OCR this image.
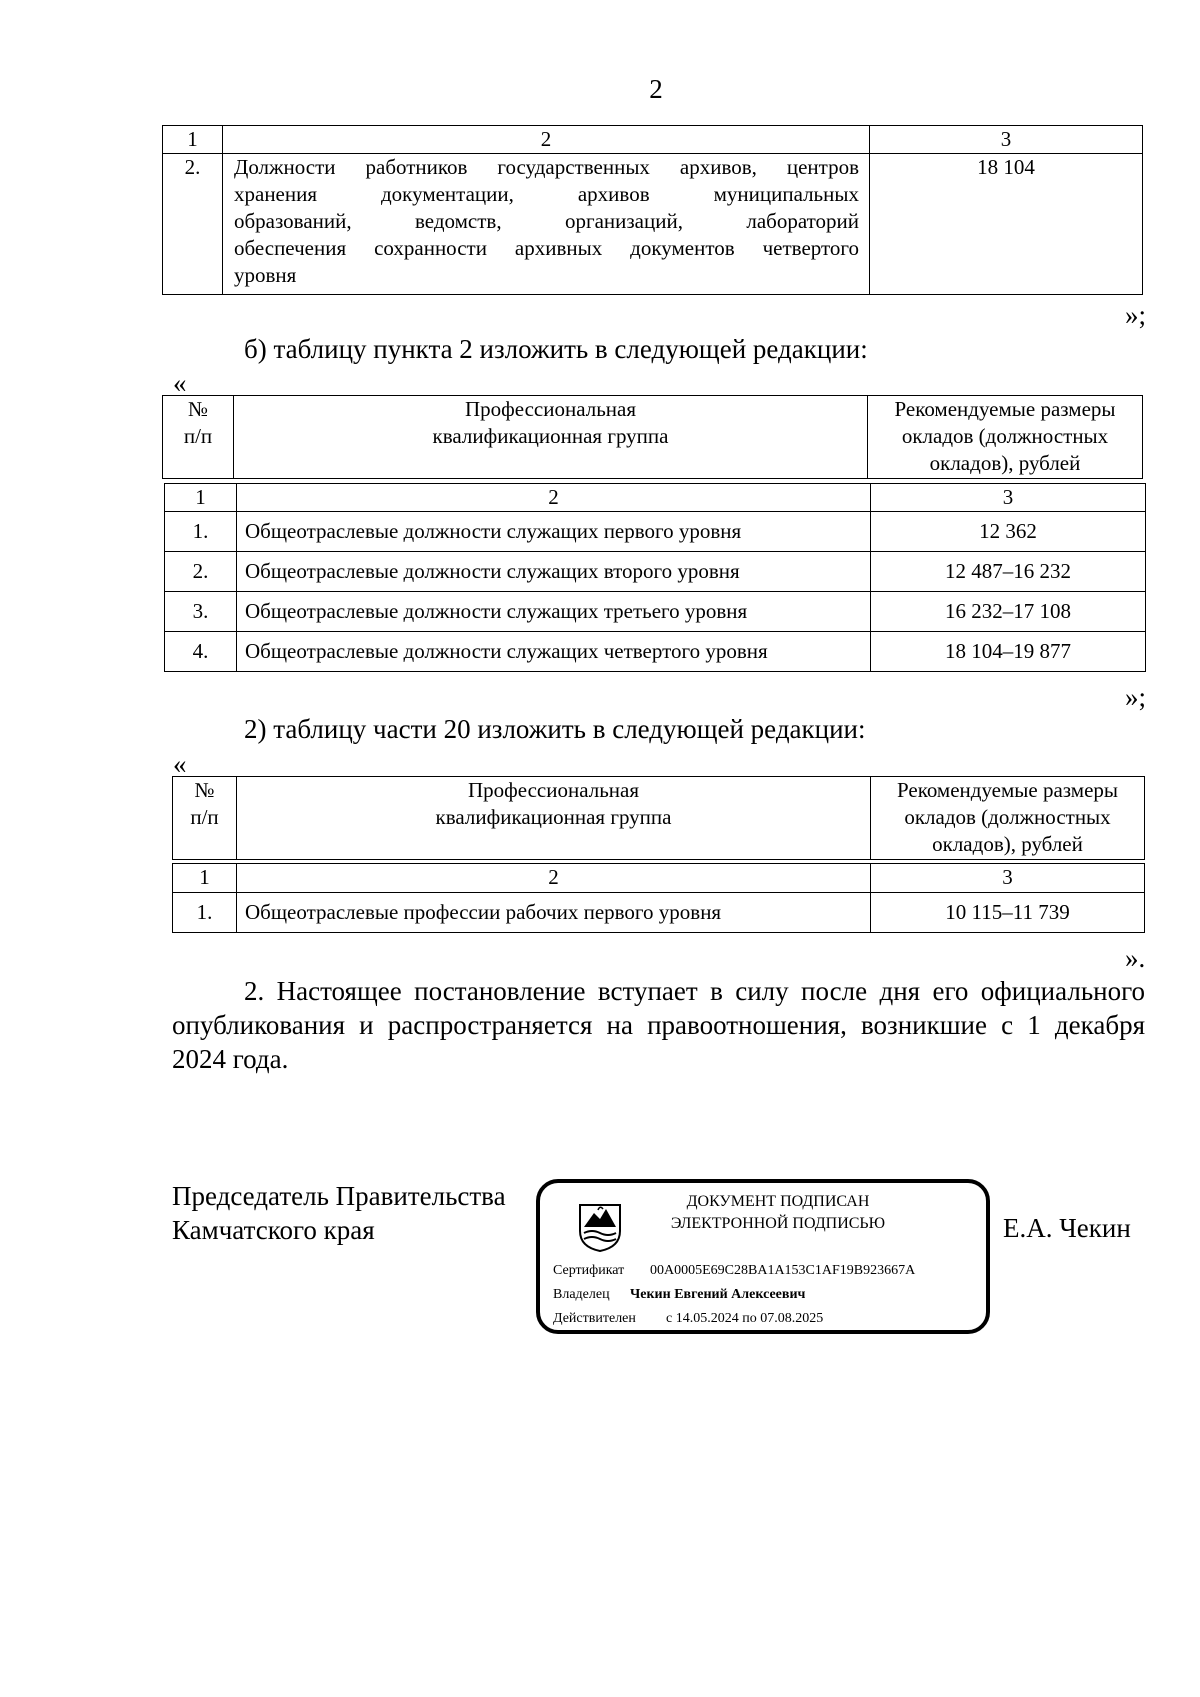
2
1	2	3
2.	Должности работников государственных архивов, центров
хранения документации, архивов муниципальных
образований, ведомств, организаций, лабораторий
обеспечения сохранности архивных документов четвертого
уровня	18 104
»;
б) таблицу пункта 2 изложить в следующей редакции:
«
№
п/п

Профессиональная
квалификационная группа

Рекомендуемые размеры
окладов (должностных
окладов), рублей
1	2	3
1.	Общеотраслевые должности служащих первого уровня	12 362
2.	Общеотраслевые должности служащих второго уровня	12 487–16 232
3.	Общеотраслевые должности служащих третьего уровня	16 232–17 108
4.	Общеотраслевые должности служащих четвертого уровня	18 104–19 877
»;
2) таблицу части 20 изложить в следующей редакции:
«
№
п/п

Профессиональная
квалификационная группа

Рекомендуемые размеры
окладов (должностных
окладов), рублей
1	2	3
1.	Общеотраслевые профессии рабочих первого уровня	10 115–11 739
».
2. Настоящее постановление вступает в силу после дня его официального
опубликования и распространяется на правоотношения, возникшие с 1 декабря
2024 года.
Председатель Правительства
Камчатского края	Е.А. Чекин
ДОКУМЕНТ ПОДПИСАН
ЭЛЕКТРОННОЙ ПОДПИСЬЮ
Сертификат 00A0005E69C28BA1A153C1AF19B923667A
Владелец Чекин Евгений Алексеевич
Действителен с 14.05.2024 по 07.08.2025
